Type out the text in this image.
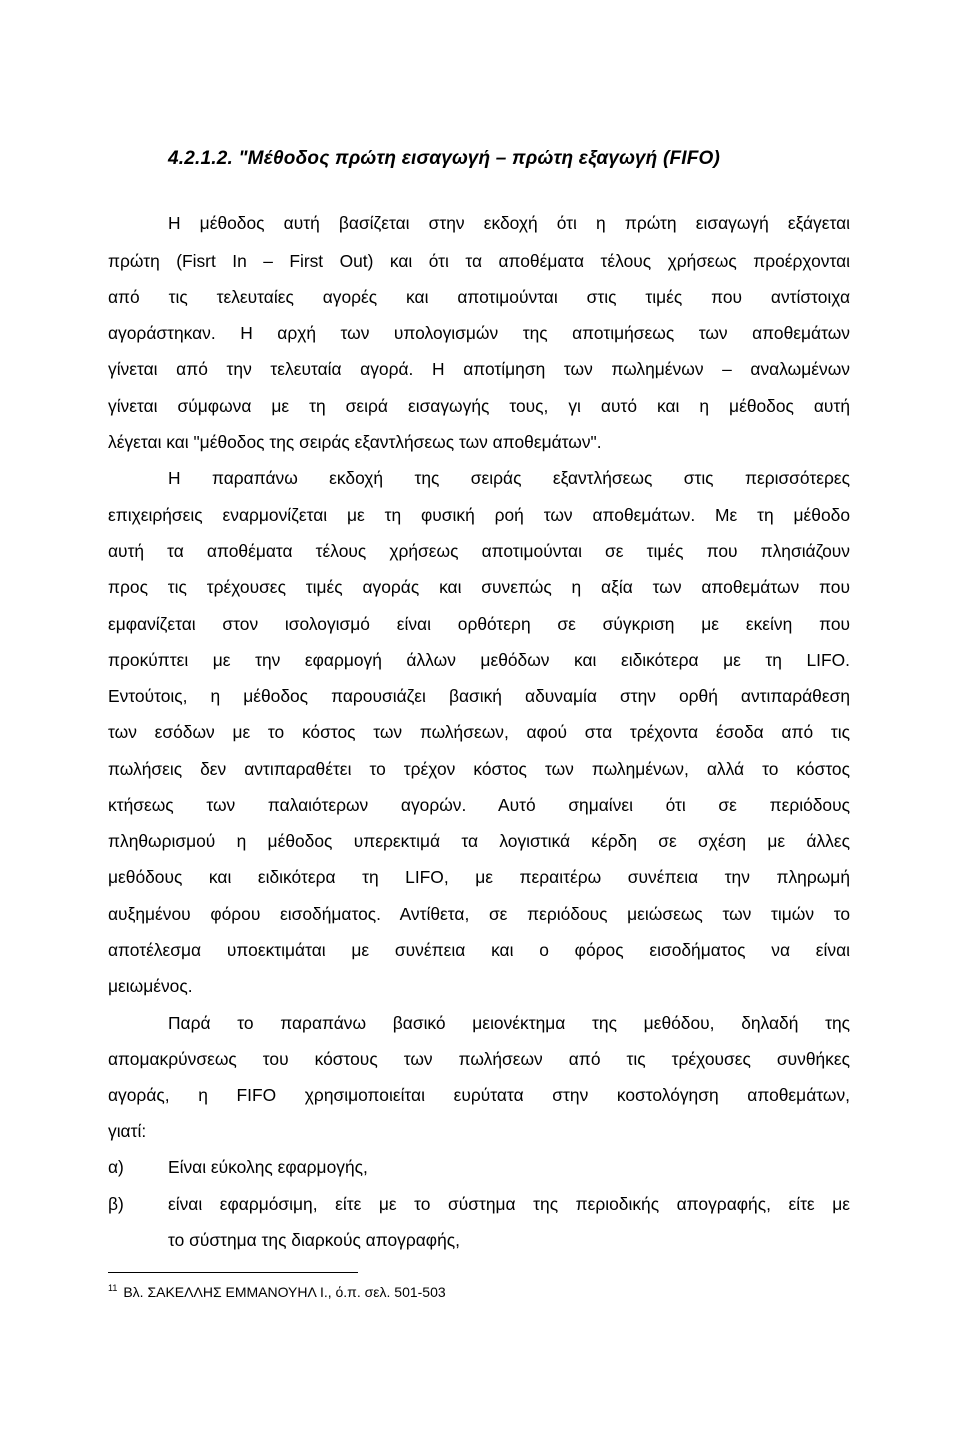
4.2.1.2. "Μέθοδος πρώτη εισαγωγή – πρώτη εξαγωγή (FIFO)
Η μέθοδος αυτή βασίζεται στην εκδοχή ότι η πρώτη εισαγωγή εξάγεται
πρώτη (Fisrt In – First Out) και ότι τα αποθέματα τέλους χρήσεως προέρχονται
από τις τελευταίες αγορές και αποτιμούνται στις τιμές που αντίστοιχα
αγοράστηκαν. Η αρχή των υπολογισμών της αποτιμήσεως των αποθεμάτων
γίνεται από την τελευταία αγορά. Η αποτίμηση των πωλημένων – αναλωμένων
γίνεται σύμφωνα με τη σειρά εισαγωγής τους, γι αυτό και η μέθοδος αυτή
λέγεται και "μέθοδος της σειράς εξαντλήσεως των αποθεμάτων".
Η παραπάνω εκδοχή της σειράς εξαντλήσεως στις περισσότερες
επιχειρήσεις εναρμονίζεται με τη φυσική ροή των αποθεμάτων. Με τη μέθοδο
αυτή τα αποθέματα τέλους χρήσεως αποτιμούνται σε τιμές που πλησιάζουν
προς τις τρέχουσες τιμές αγοράς και συνεπώς η αξία των αποθεμάτων που
εμφανίζεται στον ισολογισμό είναι ορθότερη σε σύγκριση με εκείνη που
προκύπτει με την εφαρμογή άλλων μεθόδων και ειδικότερα με τη LIFO.
Εντούτοις, η μέθοδος παρουσιάζει βασική αδυναμία στην ορθή αντιπαράθεση
των εσόδων με το κόστος των πωλήσεων, αφού στα τρέχοντα έσοδα από τις
πωλήσεις δεν αντιπαραθέτει το τρέχον κόστος των πωλημένων, αλλά το κόστος
κτήσεως των παλαιότερων αγορών. Αυτό σημαίνει ότι σε περιόδους
πληθωρισμού η μέθοδος υπερεκτιμά τα λογιστικά κέρδη σε σχέση με άλλες
μεθόδους και ειδικότερα τη LIFO, με περαιτέρω συνέπεια την πληρωμή
αυξημένου φόρου εισοδήματος. Αντίθετα, σε περιόδους μειώσεως των τιμών το
αποτέλεσμα υποεκτιμάται με συνέπεια και ο φόρος εισοδήματος να είναι
μειωμένος.
Παρά το παραπάνω βασικό μειονέκτημα της μεθόδου, δηλαδή της
απομακρύνσεως του κόστους των πωλήσεων από τις τρέχουσες συνθήκες
αγοράς, η FIFO χρησιμοποιείται ευρύτατα στην κοστολόγηση αποθεμάτων,
γιατί:
α)	Είναι εύκολης εφαρμογής,
β)	είναι εφαρμόσιμη, είτε με το σύστημα της περιοδικής απογραφής, είτε με
το σύστημα της διαρκούς απογραφής,
$^{11}$ Βλ. ΣΑΚΕΛΛΗΣ ΕΜΜΑΝΟΥΗΛ Ι., ό.π. σελ. 501-503
